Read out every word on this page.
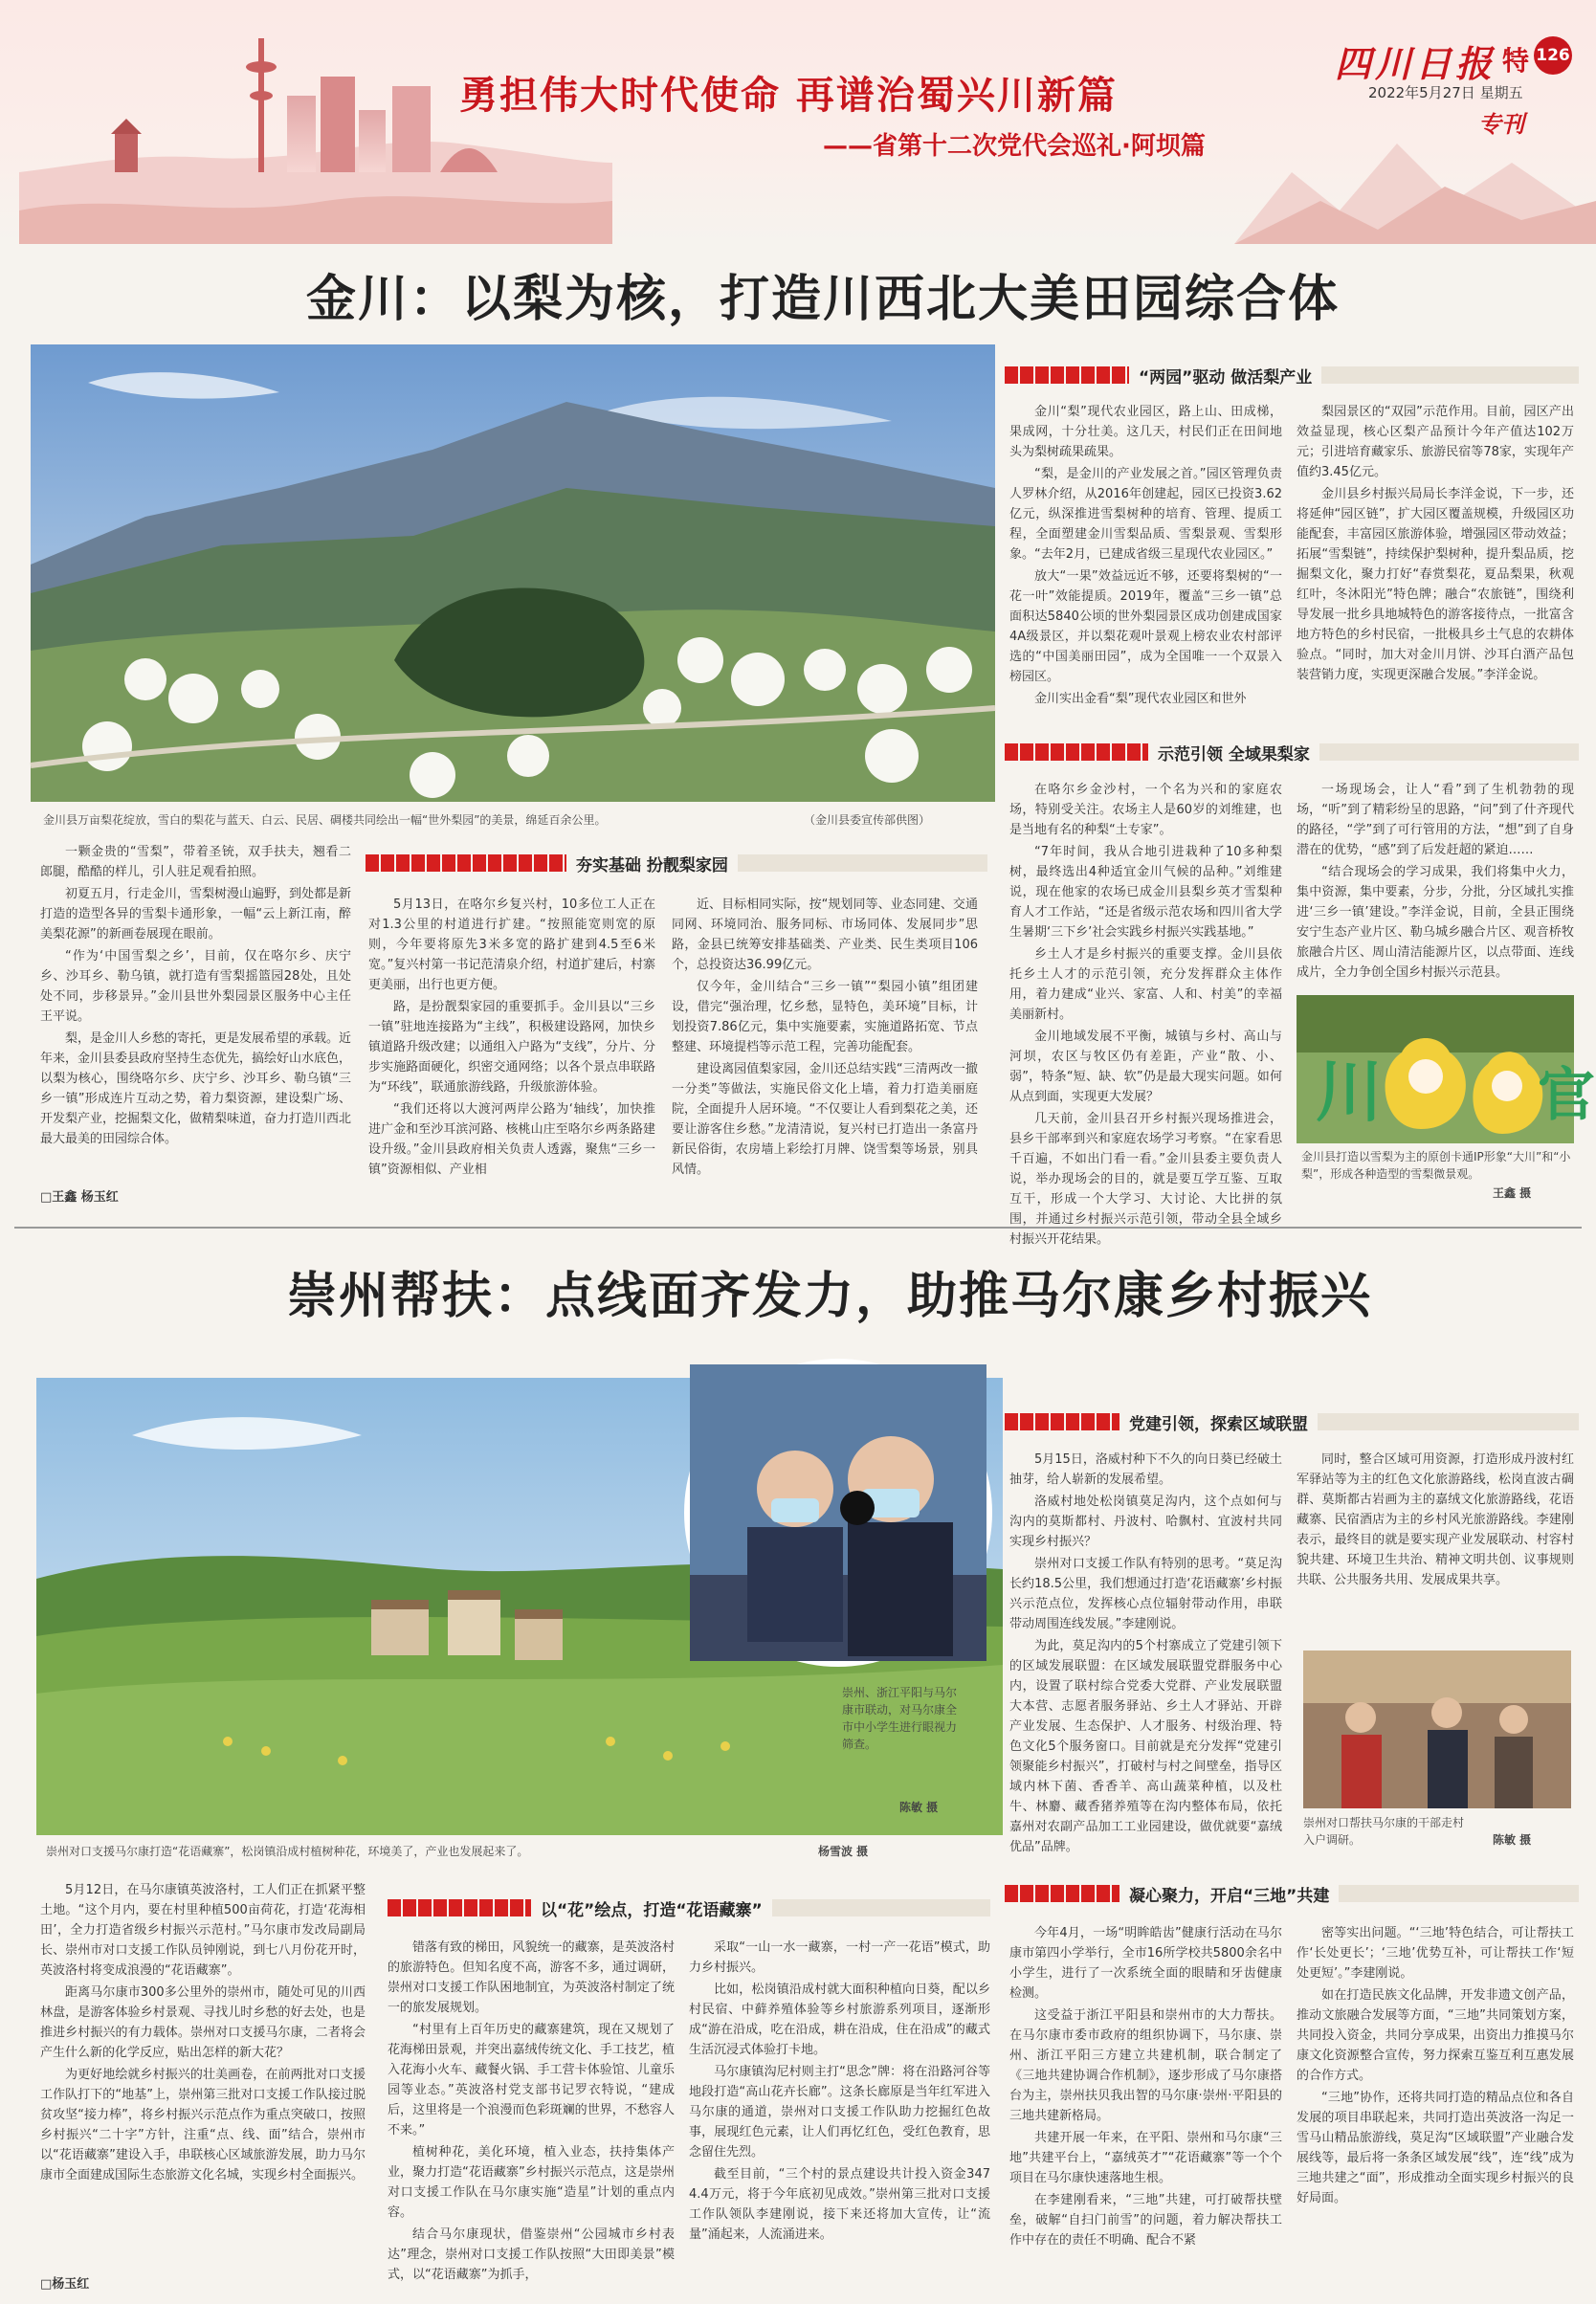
勇担伟大时代使命 再谱治蜀兴川新篇
——省第十二次党代会巡礼·阿坝篇
四川日报 特 126
2022年5月27日 星期五
专刊
金川：以梨为核，打造川西北大美田园综合体
金川县万亩梨花绽放，雪白的梨花与蓝天、白云、民居、碉楼共同绘出一幅“世外梨园”的美景，绵延百余公里。	（金川县委宣传部供图）

一颗金贵的“雪梨”，带着圣铳，双手扶夫，翘看二郎腿，酷酷的样儿，引人驻足观看拍照。

初夏五月，行走金川，雪梨树漫山遍野，到处都是新打造的造型各异的雪梨卡通形象，一幅“云上新江南，醉美梨花源”的新画卷展现在眼前。

“作为‘中国雪梨之乡’，目前，仅在咯尔乡、庆宁乡、沙耳乡、勒乌镇，就打造有雪梨摇篮园28处，且处处不同，步移景异。”金川县世外梨园景区服务中心主任王平说。

梨，是金川人乡愁的寄托，更是发展希望的承载。近年来，金川县委县政府坚持生态优先，搞绘好山水底色，以梨为核心，围绕咯尔乡、庆宁乡、沙耳乡、勒乌镇“三乡一镇”形成连片互动之势，着力梨资源，建设梨广场、开发梨产业，挖掘梨文化，做精梨味道，奋力打造川西北最大最美的田园综合体。

□王鑫 杨玉红
夯实基础 扮靓梨家园

5月13日，在咯尔乡复兴村，10多位工人正在对1.3公里的村道进行扩建。“按照能宽则宽的原则，今年要将原先3米多宽的路扩建到4.5至6米宽。”复兴村第一书记范清泉介绍，村道扩建后，村寨更美丽，出行也更方便。

路，是扮靓梨家园的重要抓手。金川县以“三乡一镇”驻地连接路为“主线”，积极建设路网，加快乡镇道路升级改建；以通组入户路为“支线”，分片、分步实施路面硬化，织密交通网络；以各个景点串联路为“环线”，联通旅游线路，升级旅游体验。

“我们还将以大渡河两岸公路为‘轴线’，加快推进广金和至沙耳滨河路、核桃山庄至咯尔乡两条路建设升级。”金川县政府相关负责人透露，聚焦“三乡一镇”资源相似、产业相

近、目标相同实际，按“规划同等、业态同建、交通同网、环境同治、服务同标、市场同体、发展同步”思路，金县已统筹安排基础类、产业类、民生类项目106个，总投资达36.99亿元。

仅今年，金川结合“三乡一镇”“梨园小镇”组团建设，借完“强治理，忆乡愁，显特色，美环境”目标，计划投资7.86亿元，集中实施要素，实施道路拓宽、节点整建、环境提档等示范工程，完善功能配套。

建设离园值梨家园，金川还总结实践“三清两改一撤一分类”等做法，实施民俗文化上墙，着力打造美丽庭院，全面提升人居环境。“不仅要让人看到梨花之美，还要让游客住乡愁。”龙清清说，复兴村已打造出一条富丹新民俗街，农房墙上彩绘打月牌、饶雪梨等场景，别具风情。

“两园”驱动 做活梨产业

金川“梨”现代农业园区，路上山、田成梯，果成网，十分壮美。这几天，村民们正在田间地头为梨树疏果疏果。

“梨，是金川的产业发展之首。”园区管理负责人罗林介绍，从2016年创建起，园区已投资3.62亿元，纵深推进雪梨树种的培育、管理、提质工程，全面塑建金川雪梨品质、雪梨景观、雪梨形象。“去年2月，已建成省级三星现代农业园区。”

放大“一果”效益远近不够，还要将梨树的“一花一叶”效能提质。2019年，覆盖“三乡一镇”总面积达5840公顷的世外梨园景区成功创建成国家4A级景区，并以梨花观叶景观上榜农业农村部评选的“中国美丽田园”，成为全国唯一一个双景入榜园区。

金川实出金看“梨”现代农业园区和世外

梨园景区的“双园”示范作用。目前，园区产出效益显现，核心区梨产品预计今年产值达102万元；引进培育藏家乐、旅游民宿等78家，实现年产值约3.45亿元。

金川县乡村振兴局局长李洋金说，下一步，还将延伸“园区链”，扩大园区覆盖规模，升级园区功能配套，丰富园区旅游体验，增强园区带动效益；拓展“雪梨链”，持续保护梨树种，提升梨品质，挖掘梨文化，聚力打好“春赏梨花，夏品梨果，秋观红叶，冬沐阳光”特色牌；融合“农旅链”，围绕利导发展一批乡具地城特色的游客接待点，一批富含地方特色的乡村民宿，一批极具乡土气息的农耕体验点。“同时，加大对金川月饼、沙耳白酒产品包装营销力度，实现更深融合发展。”李洋金说。

示范引领 全域果梨家

在咯尔乡金沙村，一个名为兴和的家庭农场，特别受关注。农场主人是60岁的刘维建，也是当地有名的种梨“土专家”。

“7年时间，我从合地引进栽种了10多种梨树，最终选出4种适宜金川气候的品种。”刘维建说，现在他家的农场已成金川县梨乡英才雪梨种育人才工作站，“还是省级示范农场和四川省大学生暑期‘三下乡’社会实践乡村振兴实践基地。”

乡土人才是乡村振兴的重要支撑。金川县依托乡土人才的示范引领，充分发挥群众主体作用，着力建成“业兴、家富、人和、村美”的幸福美丽新村。

金川地域发展不平衡，城镇与乡村、高山与河坝，农区与牧区仍有差距，产业“散、小、弱”，特条“短、缺、软”仍是最大现实问题。如何从点到面，实现更大发展？

几天前，金川县召开乡村振兴现场推进会，县乡干部率到兴和家庭农场学习考察。“在家看思千百遍，不如出门看一看。”金川县委主要负责人说，举办现场会的目的，就是要互学互鉴、互取互干，形成一个大学习、大讨论、大比拼的氛围，并通过乡村振兴示范引领，带动全县全域乡村振兴开花结果。

一场现场会，让人“看”到了生机勃勃的现场，“听”到了精彩纷呈的思路，“问”到了什齐现代的路径，“学”到了可行管用的方法，“想”到了自身潜在的优势，“感”到了后发赶超的紧迫……

“结合现场会的学习成果，我们将集中火力，集中资源，集中要素，分步，分批，分区域扎实推进‘三乡一镇’建设。”李洋金说，目前，全县正围绕安宁生态产业片区、勒乌城乡融合片区、观音桥牧旅融合片区、周山清洁能源片区，以点带面、连线成片，全力争创全国乡村振兴示范县。

川	官
金川县打造以雪梨为主的原创卡通IP形象“大川”和“小梨”，形成各种造型的雪梨微景观。
王鑫 摄
崇州帮扶：点线面齐发力，助推马尔康乡村振兴
崇州、浙江平阳与马尔康市联动，对马尔康全市中小学生进行眼视力筛查。
陈敏 摄
崇州对口支援马尔康打造“花语藏寨”，松岗镇沿成村植树种花，环境美了，产业也发展起来了。	杨雪波 摄

5月12日，在马尔康镇英波洛村，工人们正在抓紧平整土地。“这个月内，要在村里种植500亩荷花，打造‘花海相田’，全力打造省级乡村振兴示范村。”马尔康市发改局副局长、崇州市对口支援工作队员钟刚说，到七八月份花开时，英波洛村将变成浪漫的“花语藏寨”。

距离马尔康市300多公里外的崇州市，随处可见的川西林盘，是游客体验乡村景观、寻找儿时乡愁的好去处，也是推进乡村振兴的有力载体。崇州对口支援马尔康，二者将会产生什么新的化学反应，贴出怎样的新大花？

为更好地绘就乡村振兴的壮美画卷，在前两批对口支援工作队打下的“地基”上，崇州第三批对口支援工作队接过脱贫攻坚“接力棒”，将乡村振兴示范点作为重点突破口，按照乡村振兴“二十字”方针，注重“点、线、面”结合，崇州市以“花语藏寨”建设入手，串联核心区域旅游发展，助力马尔康市全面建成国际生态旅游文化名城，实现乡村全面振兴。

□杨玉红
以“花”绘点，打造“花语藏寨”

错落有致的梯田，风貌统一的藏寨，是英波洛村的旅游特色。但知名度不高，游客不多，通过调研，崇州对口支援工作队困地制宜，为英波洛村制定了统一的旅发展规划。

“村里有上百年历史的藏寨建筑，现在又规划了花海梯田景观，并突出嘉绒传统文化、手工技艺，植入花海小火车、藏餐火锅、手工营卡体验馆、儿童乐园等业态。”英波洛村党支部书记罗衣特说，“建成后，这里将是一个浪漫而色彩斑斓的世界，不愁容人不来。”

植树种花，美化环境，植入业态，扶持集体产业，聚力打造“花语藏寨”乡村振兴示范点，这是崇州对口支援工作队在马尔康实施“造星”计划的重点内容。

结合马尔康现状，借鉴崇州“公园城市乡村表达”理念，崇州对口支援工作队按照“大田即美景”模式，以“花语藏寨”为抓手，

采取“一山一水一藏寨，一村一产一花语”模式，助力乡村振兴。

比如，松岗镇沿成村就大面积种植向日葵，配以乡村民宿、中藓养殖体验等乡村旅游系列项目，逐渐形成“游在沿成，吃在沿成，耕在沿成，住在沿成”的藏式生活沉浸式体验打卡地。

马尔康镇沟尼村则主打“思念”牌：将在沿路河谷等地段打造“高山花卉长廊”。这条长廊原是当年红军进入马尔康的通道，崇州对口支援工作队助力挖掘红色故事，展现红色元素，让人们再忆红色，受红色教育，思念留住先烈。

截至目前，“三个村的景点建设共计投入资金3474.4万元，将于今年底初见成效。”崇州第三批对口支援工作队领队李建刚说，接下来还将加大宣传，让“流量”涌起来，人流涌进来。

党建引领，探索区域联盟

5月15日，洛威村种下不久的向日葵已经破土抽芽，给人崭新的发展希望。

洛威村地处松岗镇莫足沟内，这个点如何与沟内的莫斯都村、丹波村、哈飘村、宜波村共同实现乡村振兴？

崇州对口支援工作队有特别的思考。“莫足沟长约18.5公里，我们想通过打造‘花语藏寨’乡村振兴示范点位，发挥核心点位辐射带动作用，串联带动周围连线发展。”李建刚说。

为此，莫足沟内的5个村寨成立了党建引领下的区域发展联盟：在区域发展联盟党群服务中心内，设置了联村综合党委大党群、产业发展联盟大本营、志愿者服务驿站、乡土人才驿站、开辟产业发展、生态保护、人才服务、村级治理、特色文化5个服务窗口。目前就是充分发挥“党建引领聚能乡村振兴”，打破村与村之间壁垒，指导区域内林下菌、香香羊、高山蔬菜种植，以及杜牛、林麝、藏香猪养殖等在沟内整体布局，依托嘉州对农副产品加工工业园建设，做优就要“嘉绒优品”品牌。

同时，整合区域可用资源，打造形成丹波村红军驿站等为主的红色文化旅游路线，松岗直波古碉群、莫斯都古岩画为主的嘉绒文化旅游路线，花语藏寨、民宿酒店为主的乡村风光旅游路线。李建刚表示，最终目的就是要实现产业发展联动、村容村貌共建、环境卫生共治、精神文明共创、议事规则共联、公共服务共用、发展成果共享。

崇州对口帮扶马尔康的干部走村入户调研。	陈敏 摄
凝心聚力，开启“三地”共建

今年4月，一场“明眸皓齿”健康行活动在马尔康市第四小学举行，全市16所学校共5800余名中小学生，进行了一次系统全面的眼睛和牙齿健康检测。

这受益于浙江平阳县和崇州市的大力帮扶。在马尔康市委市政府的组织协调下，马尔康、崇州、浙江平阳三方建立共建机制，联合制定了《三地共建协调合作机制》，逐步形成了马尔康搭台为主，崇州扶贝我出智的马尔康·崇州·平阳县的三地共建新格局。

共建开展一年来，在平阳、崇州和马尔康“三地”共建平台上，“嘉绒英才”“花语藏寨”等一个个项目在马尔康快速落地生根。

在李建刚看来，“三地”共建，可打破帮扶壁垒，破解“自扫门前雪”的问题，着力解决帮扶工作中存在的责任不明确、配合不紧

密等实出问题。“‘三地’特色结合，可让帮扶工作‘长处更长’；‘三地’优势互补，可让帮扶工作‘短处更短’。”李建刚说。

如在打造民族文化品牌，开发非遗文创产品，推动文旅融合发展等方面，“三地”共同策划方案，共同投入资金，共同分享成果，出资出力推摸马尔康文化资源整合宣传，努力探索互鉴互利互惠发展的合作方式。

“三地”协作，还将共同打造的精品点位和各自发展的项目串联起来，共同打造出英波洛一沟足一雪马山精品旅游线，莫足沟“区域联盟”产业融合发展线等，最后将一条条区域发展“线”，连“线”成为三地共建之“面”，形成推动全面实现乡村振兴的良好局面。
